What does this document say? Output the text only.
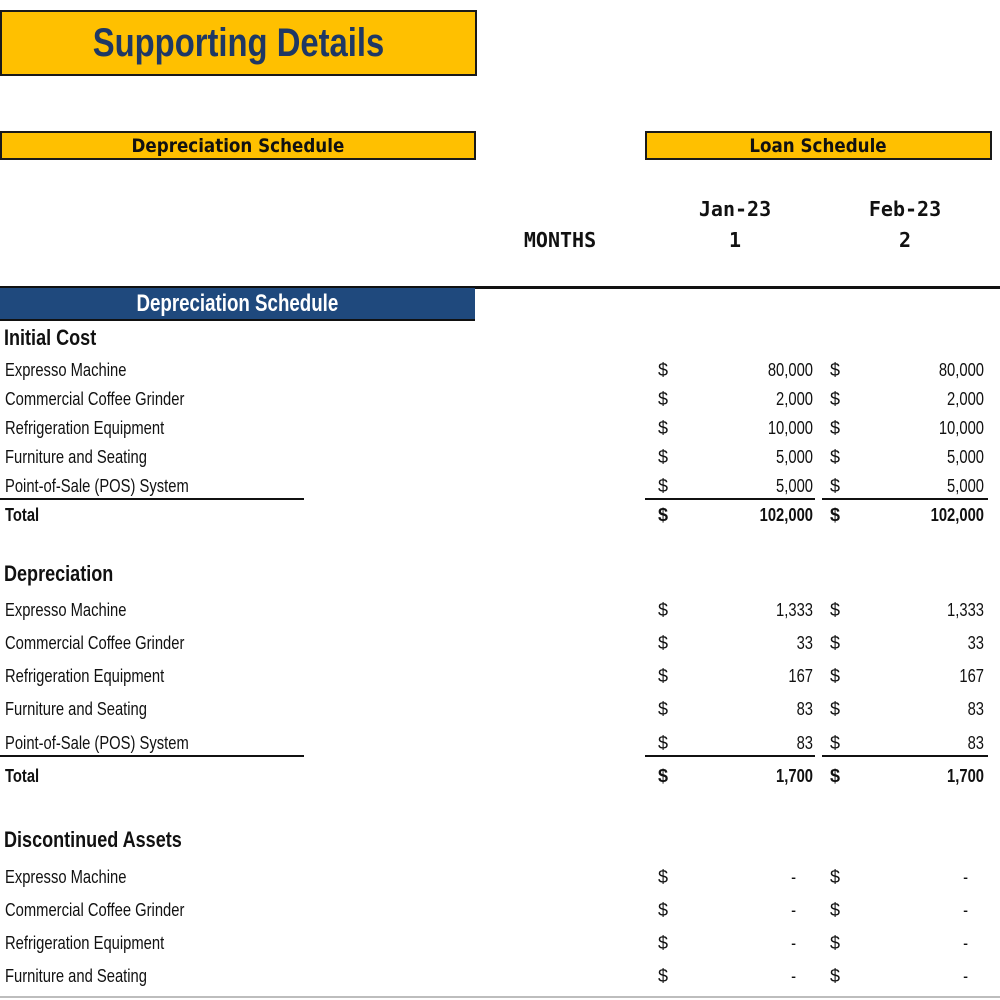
Supporting Details
Depreciation Schedule	Loan Schedule
Jan-23	Feb-23
MONTHS	1	2
Depreciation Schedule
Initial Cost
Expresso Machine	$	80,000 $	80,000
Commercial Coffee Grinder	$	2,000 $	2,000
Refrigeration Equipment	$	10,000 $	10,000
Furniture and Seating	$	5,000 $	5,000
Point-of-Sale (POS) System	$	5,000 $	5,000
Total	$	102,000 $	102,000
Depreciation
Expresso Machine	$	1,333 $	1,333
Commercial Coffee Grinder	$	33 $	33
Refrigeration Equipment	$	167 $	167
Furniture and Seating	$	83 $	83
Point-of-Sale (POS) System	$	83 $	83
Total	$	1,700 $	1,700
Discontinued Assets
Expresso Machine	$	- $	-
Commercial Coffee Grinder	$	- $	-
Refrigeration Equipment	$	- $	-
Furniture and Seating	$	- $	-
